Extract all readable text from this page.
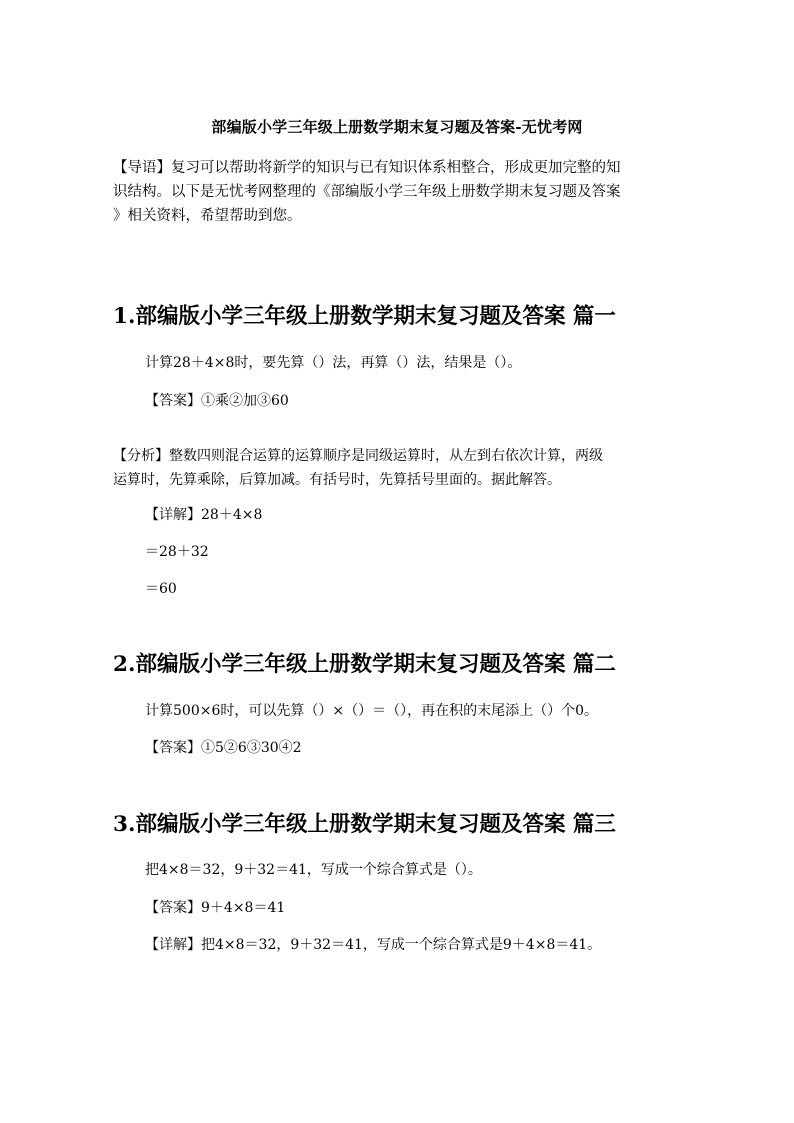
部编版小学三年级上册数学期末复习题及答案-无忧考网
【导语】复习可以帮助将新学的知识与已有知识体系相整合，形成更加完整的知
识结构。以下是无忧考网整理的《部编版小学三年级上册数学期末复习题及答案
》相关资料，希望帮助到您。
1.部编版小学三年级上册数学期末复习题及答案 篇一
计算28＋4×8时，要先算（）法，再算（）法，结果是（）。
【答案】①乘②加③60
【分析】整数四则混合运算的运算顺序是同级运算时，从左到右依次计算，两级
运算时，先算乘除，后算加减。有括号时，先算括号里面的。据此解答。
【详解】28＋4×8
＝28＋32
＝60
2.部编版小学三年级上册数学期末复习题及答案 篇二
计算500×6时，可以先算（）×（）＝（），再在积的末尾添上（）个0。
【答案】①5②6③30④2
3.部编版小学三年级上册数学期末复习题及答案 篇三
把4×8＝32，9＋32＝41，写成一个综合算式是（）。
【答案】9＋4×8＝41
【详解】把4×8＝32，9＋32＝41，写成一个综合算式是9＋4×8＝41。
